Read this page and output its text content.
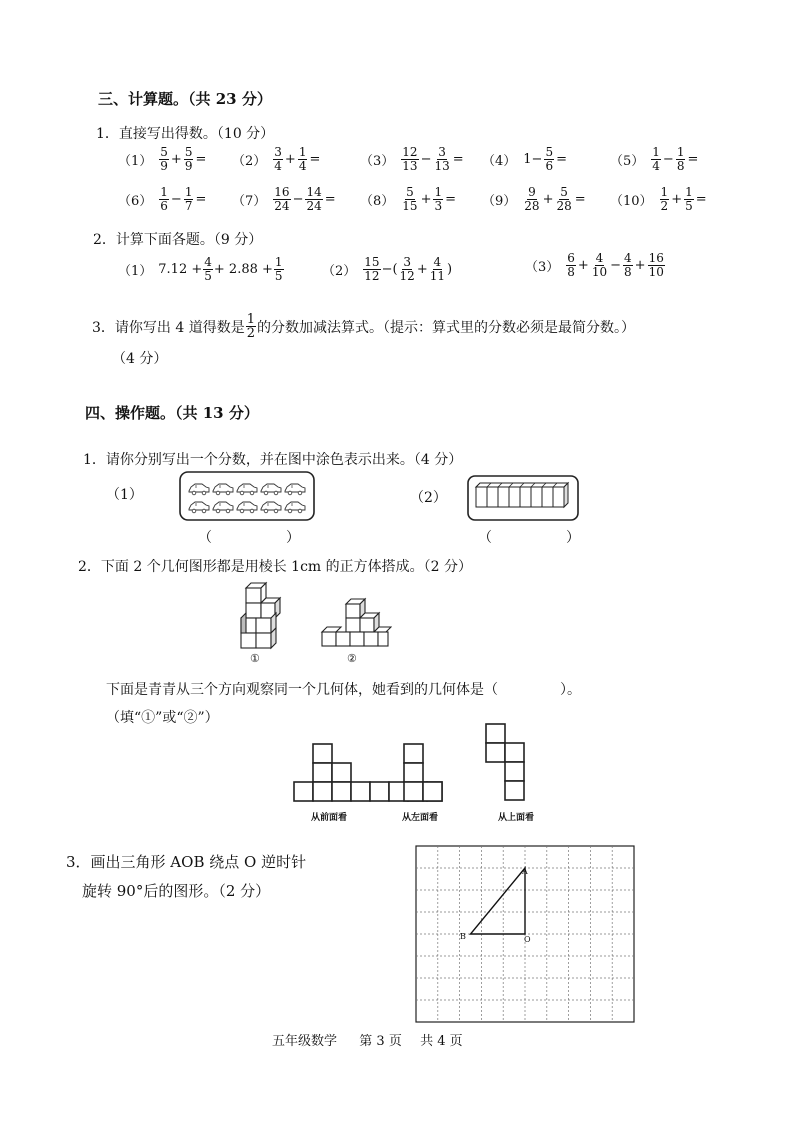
三、计算题。（共 23 分）
1．直接写出得数。（10 分）
$(1) \frac{5}{9} + \frac{5}{9} = (2) \frac{3}{4} + \frac{1}{4}$ =	$(3) \frac{12}{13} - \frac{3}{13} = (4)$ $1- \frac{5}{6}$ =	$(5) \frac{1}{4} - \frac{1}{8}$ =
$(6) \frac{1}{6} - \frac{1}{7} = (7) \frac{16}{24} - \frac{14}{24} = (8) \frac{5}{15} + \frac{1}{3} = (9) \frac{9}{28} + \frac{5}{28} = (10) \frac{1}{2} + \frac{1}{5}$ =
2．计算下面各题。（9 分）
（1） $7.12 + \frac{4}{5} + 2.88 + \frac{1}{5}$	$(2) \frac{15}{12}$ −( $\frac{3}{12} + \frac{4}{11}$ )	$(3) \frac{6}{8} + \frac{4}{10} - \frac{4}{8} + \frac{16}{10}$
3．请你写出 4 道得数是 $\frac{1}{2}$ 的分数加减法算式。（提示：算式里的分数必须是最简分数。）
（4 分）
四、操作题。（共 13 分）
1．请你分别写出一个分数，并在图中涂色表示出来。（4 分）
（1）	（2）
（	）	（	）
2．下面 2 个几何图形都是用棱长 1cm 的正方体搭成。（2 分）
①	②
下面是青青从三个方向观察同一个几何体，她看到的几何体是（	）。
（填“①”或“②”）
从前面看	从左面看	从上面看
3．画出三角形 AOB 绕点 O 逆时针
旋转 90°后的图形。（2 分）
A
B	O
五年级数学 第 3 页 共 4 页
